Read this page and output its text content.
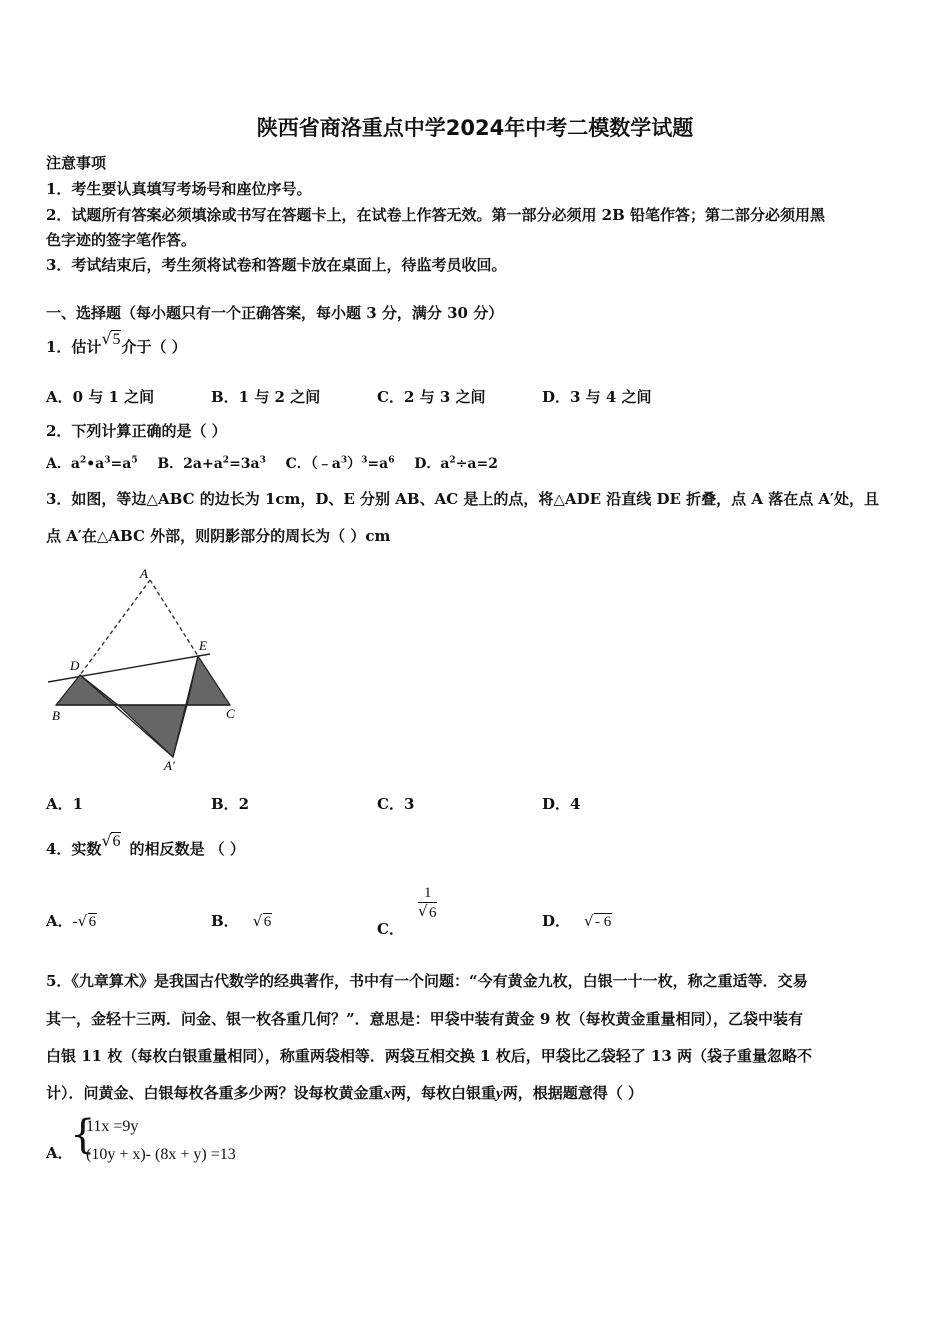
陕西省商洛重点中学2024年中考二模数学试题
注意事项
1．考生要认真填写考场号和座位序号。
2．试题所有答案必须填涂或书写在答题卡上，在试卷上作答无效。第一部分必须用 2B 铅笔作答；第二部分必须用黑
色字迹的签字笔作答。
3．考试结束后，考生须将试卷和答题卡放在桌面上，待监考员收回。
一、选择题（每小题只有一个正确答案，每小题 3 分，满分 30 分）
1．估计 √ 5介于（ ）
A．0 与 1 之间	B．1 与 2 之间	C．2 与 3 之间	D．3 与 4 之间
2．下列计算正确的是（ ）
A．$a^2•a^3=a^5$ B．$2a+a^2=3a^3$ C．$(﹣a^3)^3=a^6$ D．$a^2\div a=2$
3．如图，等边△ABC 的边长为 1cm，D、E 分别 AB、AC 是上的点，将△ADE 沿直线 DE 折叠，点 A 落在点 A′处，且
点 A′在△ABC 外部，则阴影部分的周长为（ ）cm
A
D
E
B	C
A′
A．1	B．2	C．3	D．4
4．实数 √ 6 的相反数是 （ ）
A．- √ 6	B． √ 6	C．
1
√ 6	D． √ - 6
5．《九章算术》是我国古代数学的经典著作，书中有一个问题：“今有黄金九枚，白银一十一枚，称之重适等．交易
其一，金轻十三两．问金、银一枚各重几何？”．意思是：甲袋中装有黄金 9 枚（每枚黄金重量相同），乙袋中装有
白银 11 枚（每枚白银重量相同），称重两袋相等．两袋互相交换 1 枚后，甲袋比乙袋轻了 13 两（袋子重量忽略不
计）．问黄金、白银每枚各重多少两？设每枚黄金重x两，每枚白银重y两，根据题意得（ ）
A．
{
11x =9y
(10y + x)- (8x + y) =13
